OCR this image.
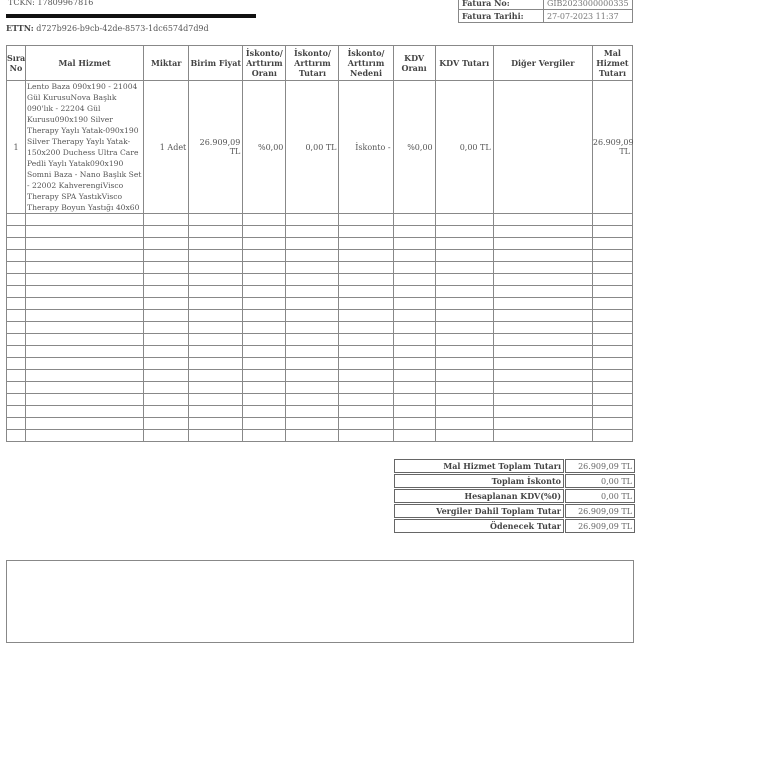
TCKN: 17809967816
ETTN: d727b926-b9cb-42de-8573-1dc6574d7d9d
Fatura No:	GIB2023000000335
Fatura Tarihi:	27-07-2023 11:37
Sıra No	Mal Hizmet	Miktar	Birim Fiyat	İskonto/ Arttırım Oranı	İskonto/ Arttırım Tutarı	İskonto/ Arttırım Nedeni	KDV Oranı	KDV Tutarı	Diğer Vergiler	Mal Hizmet Tutarı
1	Lento Baza 090x190 - 21004 Gül KurusuNova Başlık 090'lık - 22204 Gül Kurusu090x190 Silver Therapy Yaylı Yatak-090x190 Silver Therapy Yaylı Yatak-150x200 Duchess Ultra Care Pedli Yaylı Yatak090x190 Somni Baza - Nano Başlık Set - 22002 KahverengiVisco Therapy SPA YastıkVisco Therapy Boyun Yastığı 40x60	1 Adet	26.909,09 TL	%0,00	0,00 TL	İskonto -	%0,00	0,00 TL		26.909,09 TL

Mal Hizmet Toplam Tutarı	26.909,09 TL
Toplam İskonto	0,00 TL
Hesaplanan KDV(%0)	0,00 TL
Vergiler Dahil Toplam Tutar	26.909,09 TL
Ödenecek Tutar	26.909,09 TL
